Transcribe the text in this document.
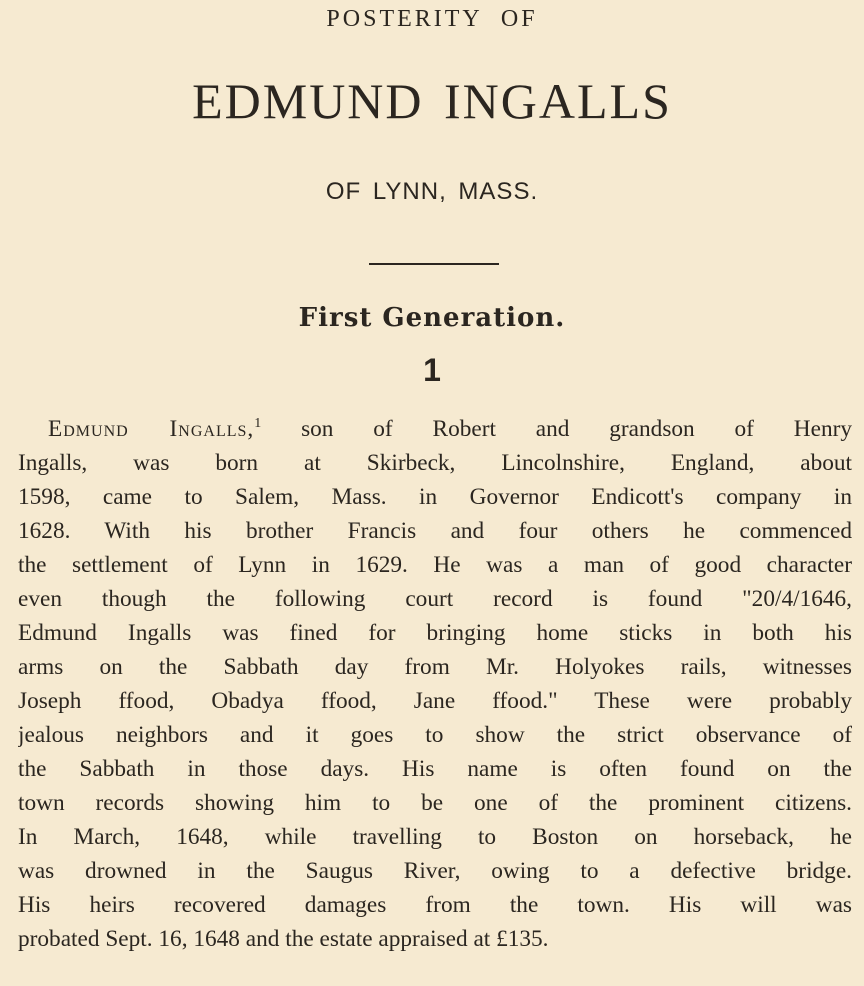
POSTERITY OF
EDMUND INGALLS
OF LYNN, MASS.
First Generation.
1
Edmund Ingalls,$^1$ son of Robert and grandson of Henry
Ingalls, was born at Skirbeck, Lincolnshire, England, about
1598, came to Salem, Mass. in Governor Endicott's company in
1628. With his brother Francis and four others he commenced
the settlement of Lynn in 1629. He was a man of good character
even though the following court record is found "20/4/1646,
Edmund Ingalls was fined for bringing home sticks in both his
arms on the Sabbath day from Mr. Holyokes rails, witnesses
Joseph ffood, Obadya ffood, Jane ffood." These were probably
jealous neighbors and it goes to show the strict observance of
the Sabbath in those days. His name is often found on the
town records showing him to be one of the prominent citizens.
In March, 1648, while travelling to Boston on horseback, he
was drowned in the Saugus River, owing to a defective bridge.
His heirs recovered damages from the town. His will was
probated Sept. 16, 1648 and the estate appraised at £135.
